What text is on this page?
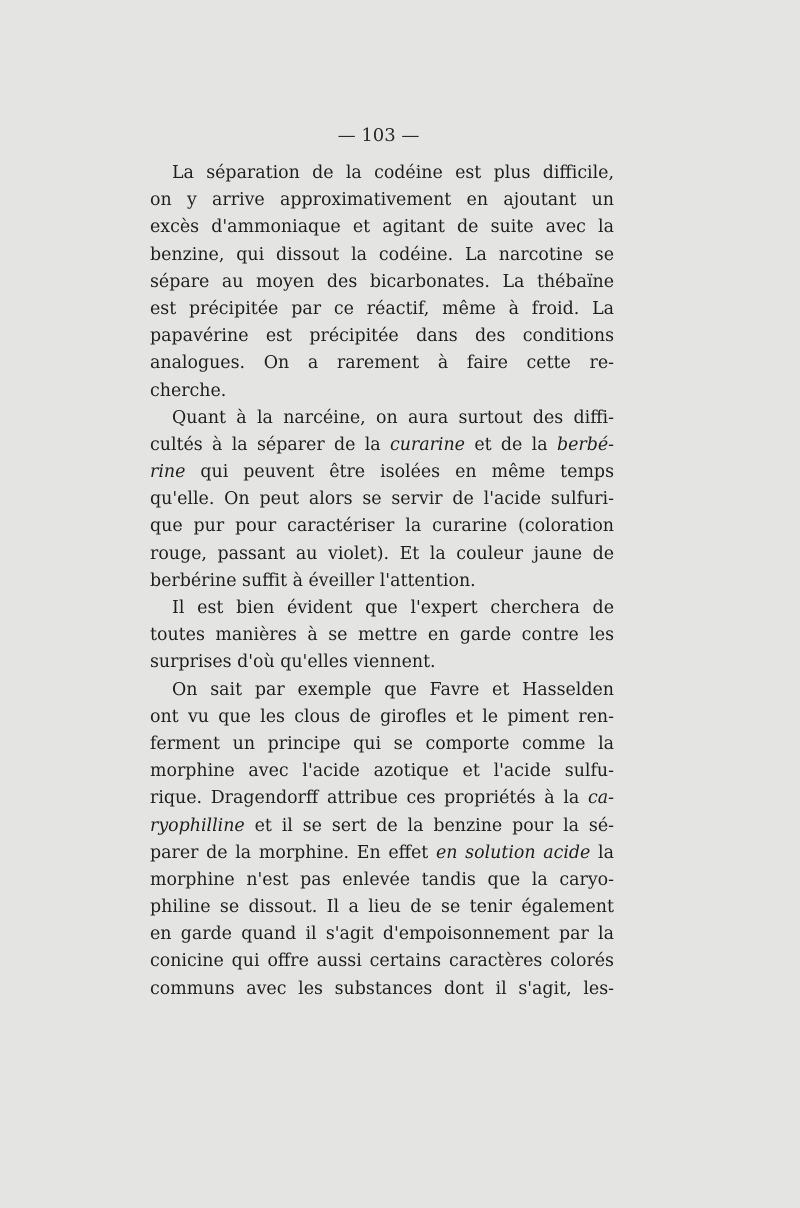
— 103 —
La séparation de la codéine est plus difficile,
on y arrive approximativement en ajoutant un
excès d'ammoniaque et agitant de suite avec la
benzine, qui dissout la codéine. La narcotine se
sépare au moyen des bicarbonates. La thébaïne
est précipitée par ce réactif, même à froid. La
papavérine est précipitée dans des conditions
analogues. On a rarement à faire cette re-
cherche.
Quant à la narcéine, on aura surtout des diffi-
cultés à la séparer de la curarine et de la berbé-
rine qui peuvent être isolées en même temps
qu'elle. On peut alors se servir de l'acide sulfuri-
que pur pour caractériser la curarine (coloration
rouge, passant au violet). Et la couleur jaune de
berbérine suffit à éveiller l'attention.
Il est bien évident que l'expert cherchera de
toutes manières à se mettre en garde contre les
surprises d'où qu'elles viennent.
On sait par exemple que Favre et Hasselden
ont vu que les clous de girofles et le piment ren-
ferment un principe qui se comporte comme la
morphine avec l'acide azotique et l'acide sulfu-
rique. Dragendorff attribue ces propriétés à la ca-
ryophilline et il se sert de la benzine pour la sé-
parer de la morphine. En effet en solution acide la
morphine n'est pas enlevée tandis que la caryo-
philine se dissout. Il a lieu de se tenir également
en garde quand il s'agit d'empoisonnement par la
conicine qui offre aussi certains caractères colorés
communs avec les substances dont il s'agit, les-
